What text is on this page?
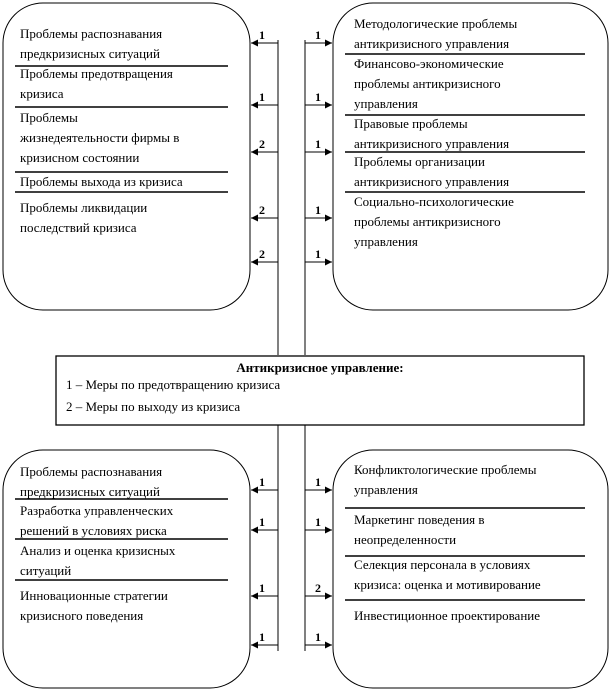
Антикризисное управление:
1 – Меры по предотвращению кризиса
2 – Меры по выходу из кризиса
Проблемы распознавания
предкризисных ситуаций
Проблемы предотвращения
кризиса
Проблемы
жизнедеятельности фирмы в
кризисном состоянии
Проблемы выхода из кризиса
Проблемы ликвидации
последствий кризиса
1
1
2
2
2
Методологические проблемы
антикризисного управления
Финансово-экономические
проблемы антикризисного
управления
Правовые проблемы
антикризисного управления
Проблемы организации
антикризисного управления
Социально-психологические
проблемы антикризисного
управления
1
1
1
1
1
Проблемы распознавания
предкризисных ситуаций
Разработка управленческих
решений в условиях риска
Анализ и оценка кризисных
ситуаций
Инновационные стратегии
кризисного поведения
1
1
1
1
Конфликтологические проблемы
управления
Маркетинг поведения в
неопределенности
Селекция персонала в условиях
кризиса: оценка и мотивирование
Инвестиционное проектирование
1
1
2
1
